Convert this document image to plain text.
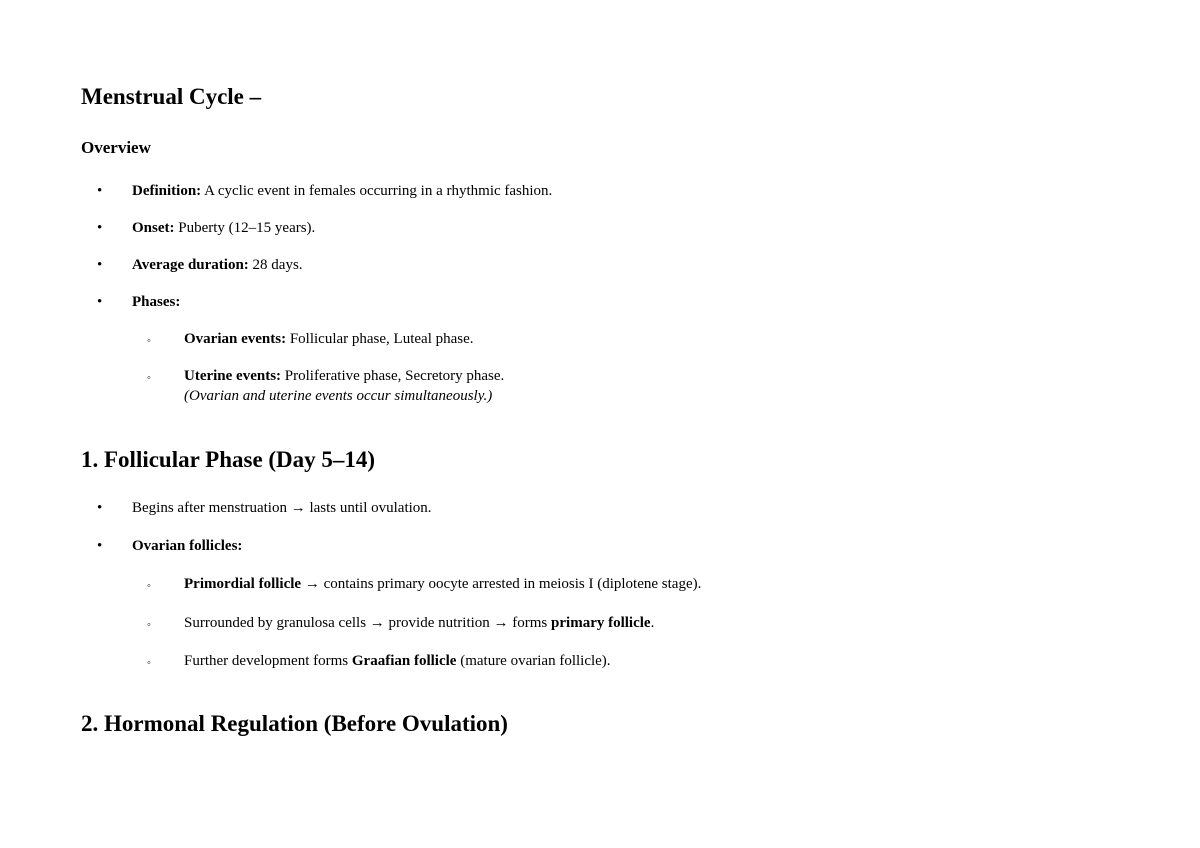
Menstrual Cycle –
Overview
• Definition: A cyclic event in females occurring in a rhythmic fashion.
• Onset: Puberty (12–15 years).
• Average duration: 28 days.
• Phases:
◦ Ovarian events: Follicular phase, Luteal phase.
◦ Uterine events: Proliferative phase, Secretory phase.
(Ovarian and uterine events occur simultaneously.)
1. Follicular Phase (Day 5–14)
• Begins after menstruation → lasts until ovulation.
• Ovarian follicles:
◦ Primordial follicle → contains primary oocyte arrested in meiosis I (diplotene stage).
◦ Surrounded by granulosa cells → provide nutrition → forms primary follicle.
◦ Further development forms Graafian follicle (mature ovarian follicle).
2. Hormonal Regulation (Before Ovulation)
